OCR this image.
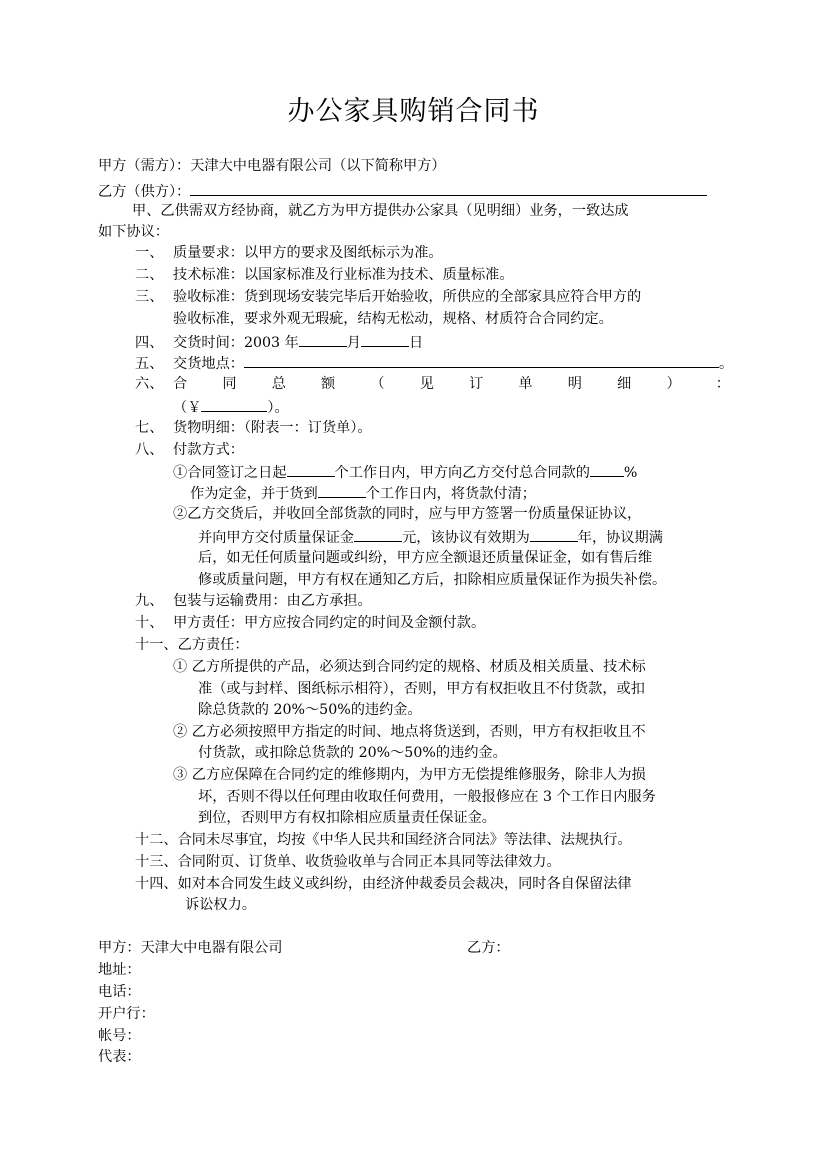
办公家具购销合同书
甲方（需方）：天津大中电器有限公司（以下简称甲方）
乙方（供方）：
甲、乙供需双方经协商，就乙方为甲方提供办公家具（见明细）业务，一致达成
如下协议：
一、 质量要求：以甲方的要求及图纸标示为准。
二、 技术标准：以国家标准及行业标准为技术、质量标准。
三、 验收标准：货到现场安装完毕后开始验收，所供应的全部家具应符合甲方的
验收标准，要求外观无瑕疵，结构无松动，规格、材质符合合同约定。
四、 交货时间：2003 年	月	日
五、 交货地点：	。
六、 合 同 总 额 （ 见 订 单 明 细 ） ：
（￥	）。
七、 货物明细：（附表一：订货单）。
八、 付款方式：
①合同签订之日起	个工作日内，甲方向乙方交付总合同款的 %
作为定金，并于货到	个工作日内，将货款付清；
②乙方交货后，并收回全部货款的同时，应与甲方签署一份质量保证协议，
并向甲方交付质量保证金	元，该协议有效期为	年，协议期满
后，如无任何质量问题或纠纷，甲方应全额退还质量保证金，如有售后维
修或质量问题，甲方有权在通知乙方后，扣除相应质量保证作为损失补偿。
九、 包装与运输费用：由乙方承担。
十、 甲方责任：甲方应按合同约定的时间及金额付款。
十一、乙方责任：
① 乙方所提供的产品，必须达到合同约定的规格、材质及相关质量、技术标
准（或与封样、图纸标示相符），否则，甲方有权拒收且不付货款，或扣
除总货款的 20%～50%的违约金。
② 乙方必须按照甲方指定的时间、地点将货送到，否则，甲方有权拒收且不
付货款，或扣除总货款的 20%～50%的违约金。
③ 乙方应保障在合同约定的维修期内，为甲方无偿提维修服务，除非人为损
坏，否则不得以任何理由收取任何费用，一般报修应在 3 个工作日内服务
到位，否则甲方有权扣除相应质量责任保证金。
十二、合同未尽事宜，均按《中华人民共和国经济合同法》等法律、法规执行。
十三、合同附页、订货单、收货验收单与合同正本具同等法律效力。
十四、如对本合同发生歧义或纠纷，由经济仲裁委员会裁决，同时各自保留法律
诉讼权力。
甲方：天津大中电器有限公司	乙方：
地址：
电话：
开户行：
帐号：
代表：
